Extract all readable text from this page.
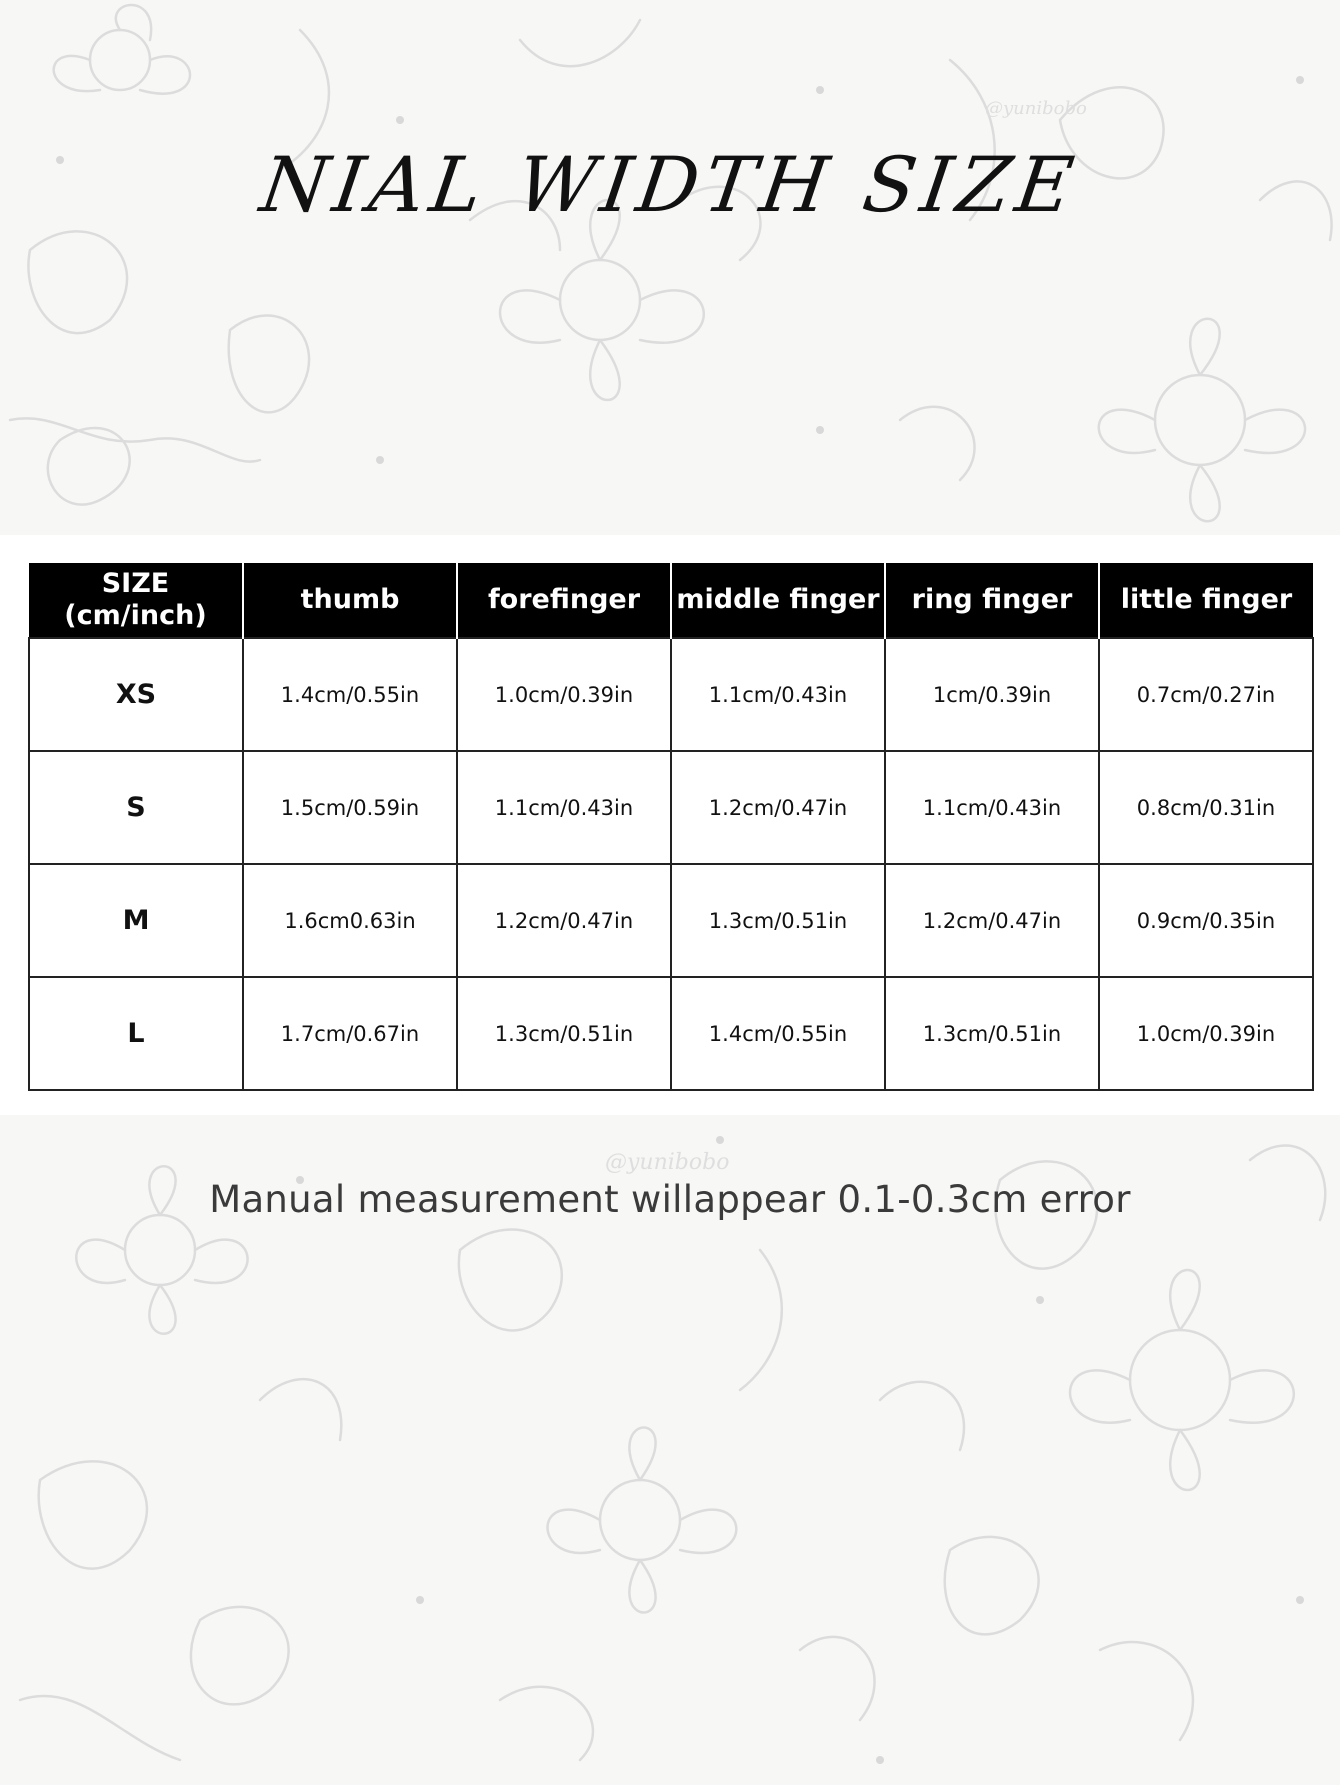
@yunibobo
@yunibobo
NIAL WIDTH SIZE
SIZE
(cm/inch)	thumb	forefinger	middle finger	ring finger	little finger
XS	1.4cm/0.55in	1.0cm/0.39in	1.1cm/0.43in	1cm/0.39in	0.7cm/0.27in
S	1.5cm/0.59in	1.1cm/0.43in	1.2cm/0.47in	1.1cm/0.43in	0.8cm/0.31in
M	1.6cm0.63in	1.2cm/0.47in	1.3cm/0.51in	1.2cm/0.47in	0.9cm/0.35in
L	1.7cm/0.67in	1.3cm/0.51in	1.4cm/0.55in	1.3cm/0.51in	1.0cm/0.39in
Manual measurement willappear 0.1-0.3cm error
